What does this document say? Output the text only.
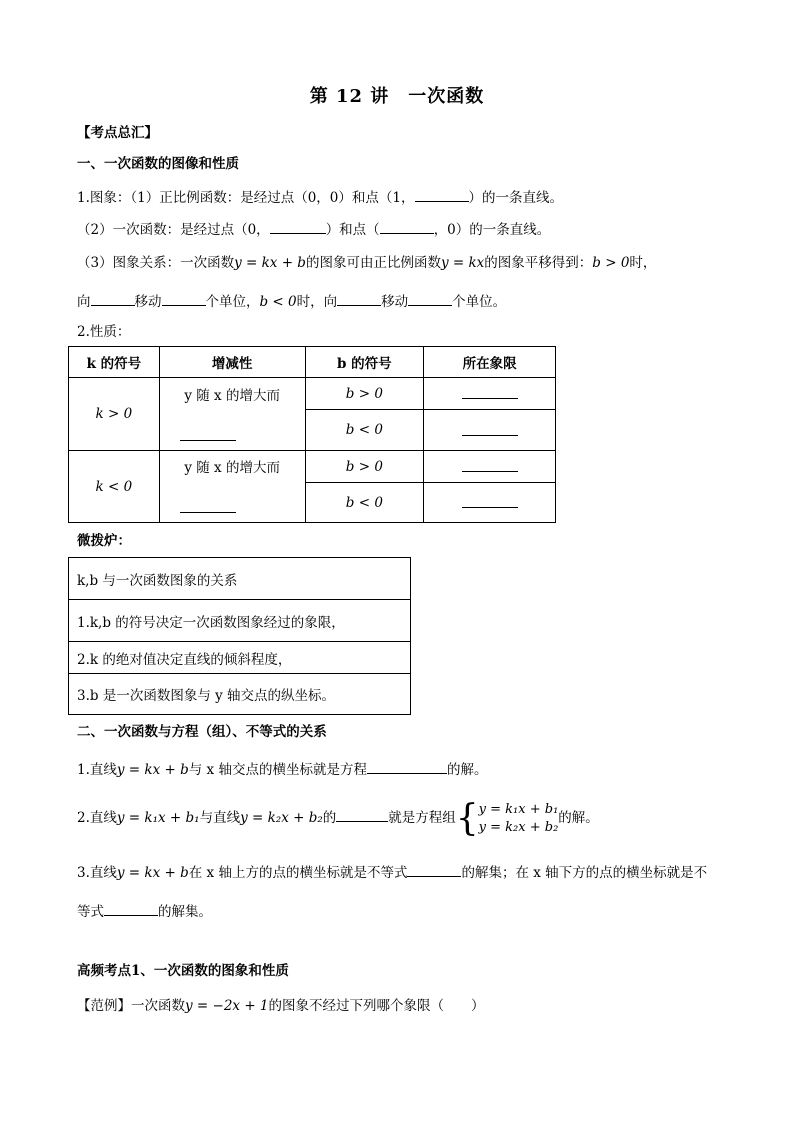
第 12 讲　一次函数
【考点总汇】
一、一次函数的图像和性质
1.图象：（1）正比例函数：是经过点（0，0）和点（1，	）的一条直线。
（2）一次函数：是经过点（0，	）和点（	，0）的一条直线。
（3）图象关系：一次函数y = kx + b的图象可由正比例函数y = kx的图象平移得到：b > 0时，
向	移动	个单位，b < 0时，向	移动	个单位。
2.性质：
k 的符号	增减性	b 的符号	所在象限
k > 0	y 随 x 的增大而	b > 0	
		b < 0	
k < 0	y 随 x 的增大而	b > 0	
		b < 0	
微拨炉：
k,b 与一次函数图象的关系
1.k,b 的符号决定一次函数图象经过的象限，
2.k 的绝对值决定直线的倾斜程度，
3.b 是一次函数图象与 y 轴交点的纵坐标。
二、一次函数与方程（组）、不等式的关系
1.直线y = kx + b与 x 轴交点的横坐标就是方程	的解。
2.直线y = k₁x + b₁与直线y = k₂x + b₂的	就是方程组 { y = k₁x + b₁
y = k₂x + b₂
的解。
3.直线y = kx + b在 x 轴上方的点的横坐标就是不等式	的解集；在 x 轴下方的点的横坐标就是不
等式	的解集。
高频考点1、一次函数的图象和性质
【范例】一次函数y = −2x + 1的图象不经过下列哪个象限（　　）
